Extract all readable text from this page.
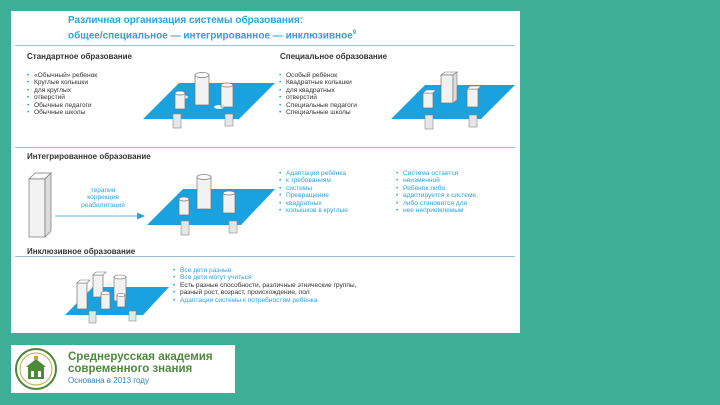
Различная организация системы образования:
общее/специальное — интегрированное — инклюзивное$^9$
Стандартное образование
• «Обычный» ребенок
• Круглые колышки
• для круглых
• отверстий
• Обычные педагоги
• Обычные школы
Специальное образование
• Особый ребёнок
• Квадратные колышки
• для квадратных
• отверстий
• Специальные педагоги
• Специальные школы
Интегрированное образование
терапия
коррекция
реабилитация
• Адаптация ребёнка
• к требованиям
• системы
• Превращение
• квадратных
• колышков в круглые
• Система остается
• неизменной
• Ребёнок либо
• адаптируется к системе,
• либо становится для
• нее неприемлемым
Инклюзивное образование
• Все дети разные
• Все дети могут учиться
• Есть разные способности, различные этнические группы,
• разный рост, возраст, происхождение, пол
• Адаптация системы к потребностям ребёнка
Среднерусская академия
современного знания
Основана в 2013 году
